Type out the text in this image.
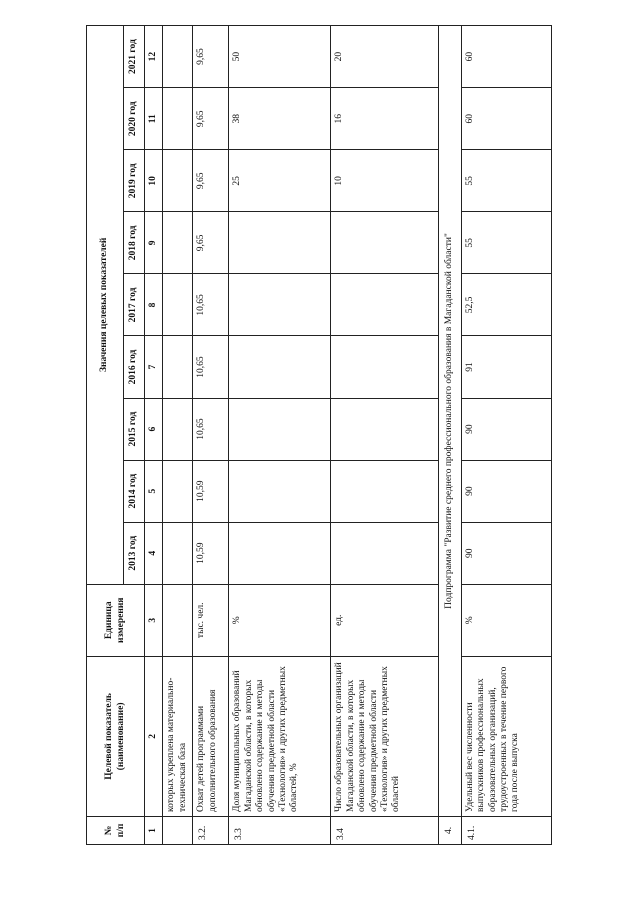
№ п/п	Целевой показатель (наименование)	Единица измерения	Значения целевых показателей								
			2013 год	2014 год	2015 год	2016 год	2017 год	2018 год	2019 год	2020 год	2021 год
1	2	3	4	5	6	7	8	9	10	11	12
	которых укреплена материально-техническая база										
3.2.	Охват детей программами дополнительного образования	тыс. чел.	10,59	10,59	10,65	10,65	10,65	9,65	9,65	9,65	9,65
3.3	Доля муниципальных образований Магаданской области, в которых обновлено содержание и методы обучения предметной области «Технология» и других предметных областей, %	%							25	38	50
3.4	Число образовательных организаций Магаданской области, в которых обновлено содержание и методы обучения предметной области «Технология» и других предметных областей	ед.							10	16	20
4.	Подпрограмма "Развитие среднего профессионального образования в Магаданской области"										
4.1.	Удельный вес численности выпускников профессиональных образовательных организаций, трудоустроенных в течение первого года после выпуска	%	90	90	90	91	52,5	55	55	60	60
